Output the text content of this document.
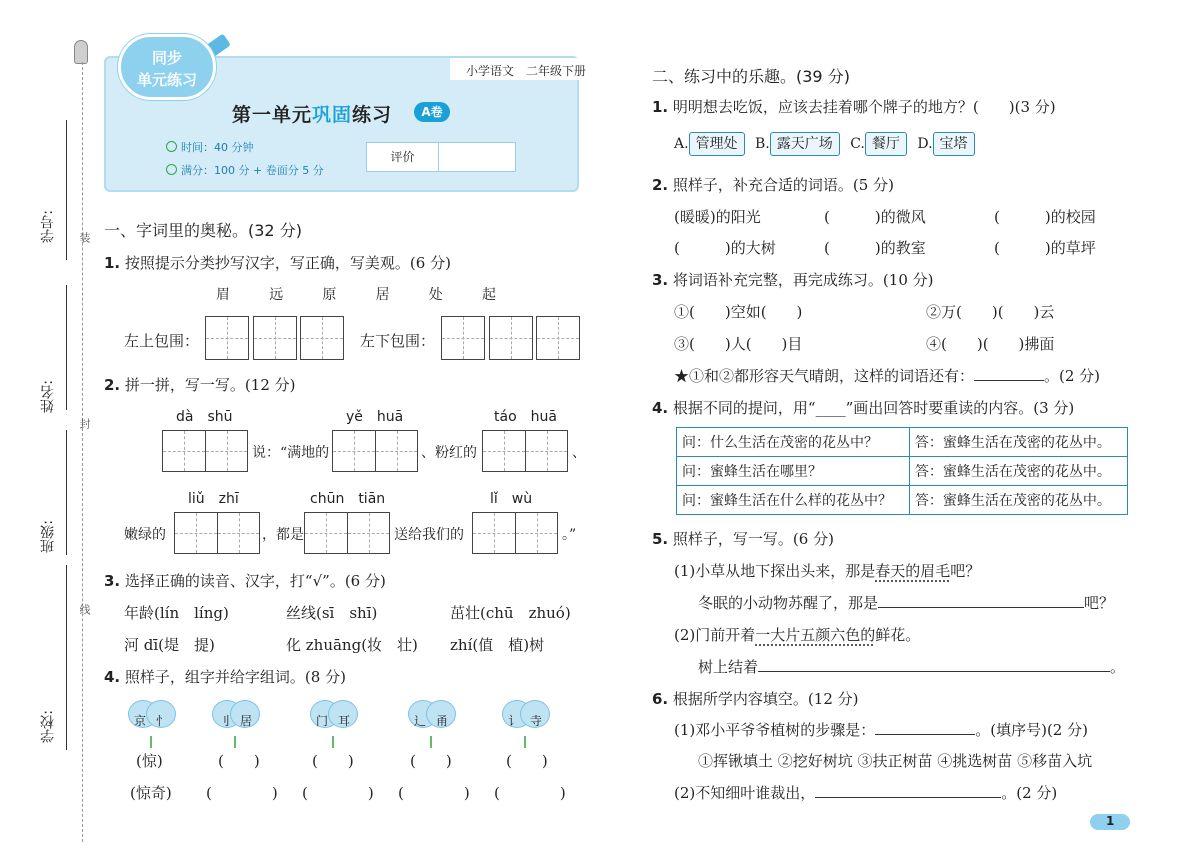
学号: 装
姓名:
封
班级:
线
学校:
同步
单元练习	小学语文　二年级下册
第一单元巩固练习	A卷
时间：40 分钟
满分：100 分 + 卷面分 5 分
评价
一、字词里的奥秘。(32 分)
1. 按照提示分类抄写汉字，写正确，写美观。(6 分)
眉	远	原	居	处	起
左上包围：	左下包围：
2. 拼一拼，写一写。(12 分)
dà　shū	yě　huā	táo　huā
说：“满地的	、粉红的	、
liǔ　zhī	chūn　tiān	lǐ　wù
嫩绿的	，都是	送给我们的	。”
3. 选择正确的读音、汉字，打“√”。(6 分)
年龄(lín　líng)	丝线(sī　shī)	茁壮(chū　zhuó)
河 dī(堤　提)	化 zhuāng(妆　壮) zhí(值　植)树
4. 照样子，组字并给字组词。(8 分)
京 忄	刂 居	门 耳	辶 甬	讠 寺
(惊)	(　　)	(　　)	(　　)	(　　)
(惊奇) (　　　　) (　　　　) (　　　　) (　　　　)
二、练习中的乐趣。(39 分)
1. 明明想去吃饭，应该去挂着哪个牌子的地方？(　　)(3 分)
A. 管理处 B. 露天广场 C. 餐厅 D. 宝塔
2. 照样子，补充合适的词语。(5 分)
(暖暖)的阳光	(　　　)的微风	(　　　)的校园
(　　　)的大树	(　　　)的教室	(　　　)的草坪
3. 将词语补充完整，再完成练习。(10 分)
①(　　)空如(　　)	②万(　　)(　　)云
③(　　)人(　　)目	④(　　)(　　)拂面
★①和②都形容天气晴朗，这样的词语还有：	。(2 分)
4. 根据不同的提问，用“____”画出回答时要重读的内容。(3 分)
问：什么生活在茂密的花丛中？	答：蜜蜂生活在茂密的花丛中。
问：蜜蜂生活在哪里？	答：蜜蜂生活在茂密的花丛中。
问：蜜蜂生活在什么样的花丛中？	答：蜜蜂生活在茂密的花丛中。
5. 照样子，写一写。(6 分)
(1)小草从地下探出头来，那是春天的眉毛吧？
冬眠的小动物苏醒了，那是	吧？
(2)门前开着一大片五颜六色的鲜花。
树上结着	。
6. 根据所学内容填空。(12 分)
(1)邓小平爷爷植树的步骤是：	。(填序号)(2 分)
①挥锹填土 ②挖好树坑 ③扶正树苗 ④挑选树苗 ⑤移苗入坑
(2)不知细叶谁裁出，	。(2 分)
1
